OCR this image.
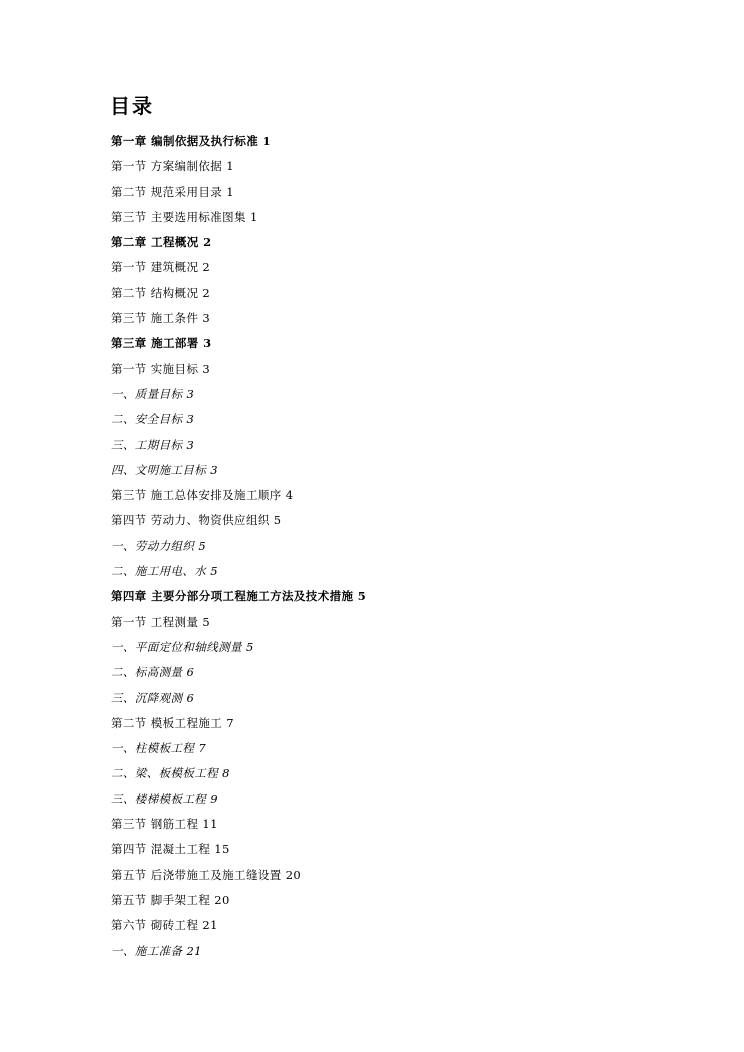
目录
第一章 编制依据及执行标准 1
第一节 方案编制依据 1
第二节 规范采用目录 1
第三节 主要选用标准图集 1
第二章 工程概况 2
第一节 建筑概况 2
第二节 结构概况 2
第三节 施工条件 3
第三章 施工部署 3
第一节 实施目标 3
一、质量目标 3
二、安全目标 3
三、工期目标 3
四、文明施工目标 3
第三节 施工总体安排及施工顺序 4
第四节 劳动力、物资供应组织 5
一、劳动力组织 5
二、施工用电、水 5
第四章 主要分部分项工程施工方法及技术措施 5
第一节 工程测量 5
一、平面定位和轴线测量 5
二、标高测量 6
三、沉降观测 6
第二节 模板工程施工 7
一、柱模板工程 7
二、梁、板模板工程 8
三、楼梯模板工程 9
第三节 钢筋工程 11
第四节 混凝土工程 15
第五节 后浇带施工及施工缝设置 20
第五节 脚手架工程 20
第六节 砌砖工程 21
一、施工准备 21
